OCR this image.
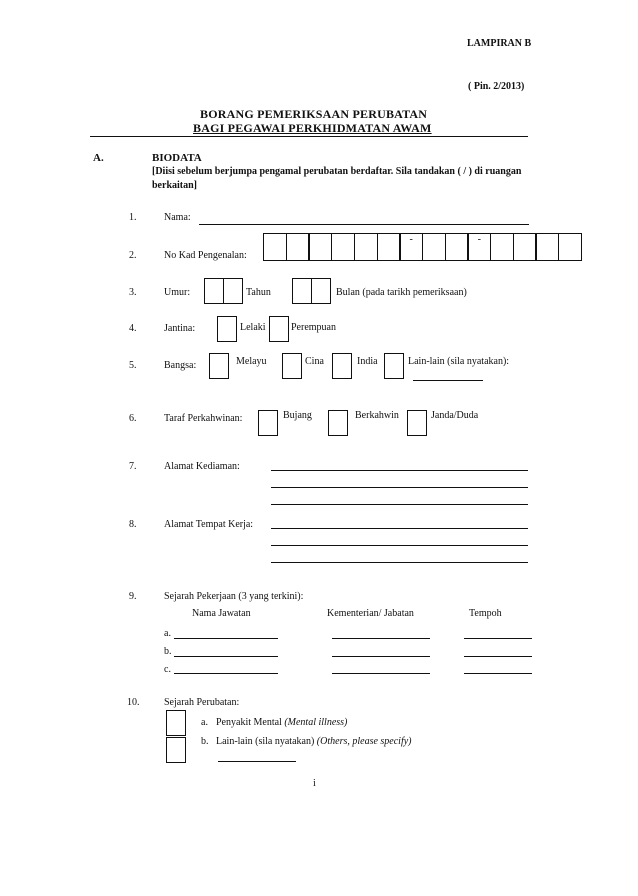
LAMPIRAN B
( Pin. 2/2013)
BORANG PEMERIKSAAN PERUBATAN
BAGI PEGAWAI PERKHIDMATAN AWAM
A.	BIODATA
[Diisi sebelum berjumpa pengamal perubatan berdaftar. Sila tandakan ( / ) di ruangan
berkaitan]
1.	Nama:
2.	No Kad Pengenalan:
-	-
3.	Umur:	Tahun	Bulan (pada tarikh pemeriksaan)
4.	Jantina:	Lelaki	Perempuan
5.	Bangsa:	Melayu	Cina	India	Lain-lain (sila nyatakan):
6.	Taraf Perkahwinan:	Bujang	Berkahwin	Janda/Duda
7.	Alamat Kediaman:
8.	Alamat Tempat Kerja:
9.	Sejarah Pekerjaan (3 yang terkini):
Nama Jawatan	Kementerian/ Jabatan	Tempoh
a.
b.
c.
10. Sejarah Perubatan:
a. Penyakit Mental (Mental illness)
b. Lain-lain (sila nyatakan) (Others, please specify)
i
